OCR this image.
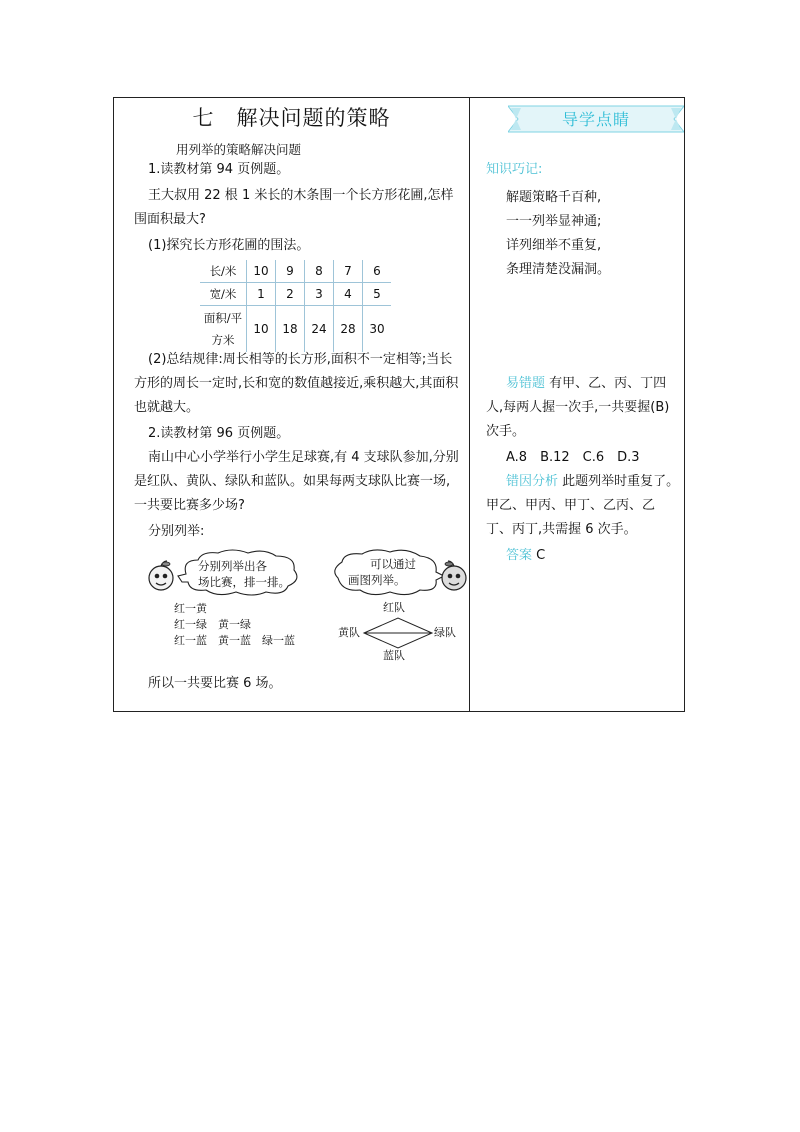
七　解决问题的策略
用列举的策略解决问题
1.读教材第 94 页例题。
王大叔用 22 根 1 米长的木条围一个长方形花圃,怎样围面积最大?
(1)探究长方形花圃的围法。
长/米	10	9	8	7	6
宽/米	1	2	3	4	5

面积/平
方米	10	18	24	28	30
(2)总结规律:周长相等的长方形,面积不一定相等;当长方形的周长一定时,长和宽的数值越接近,乘积越大,其面积也就越大。
2.读教材第 96 页例题。
南山中心小学举行小学生足球赛,有 4 支球队参加,分别是红队、黄队、绿队和蓝队。如果每两支球队比赛一场,一共要比赛多少场?
分别列举:
分别列举出各
场比赛，排一排。
可以通过
画图列举。
红一黄
红一绿　黄一绿
红一蓝　黄一蓝　绿一蓝
红队
黄队	绿队
蓝队
所以一共要比赛 6 场。
导学点睛
知识巧记:
解题策略千百种,
一一列举显神通;
详列细举不重复,
条理清楚没漏洞。
易错题 有甲、乙、丙、丁四人,每两人握一次手,一共要握(B)次手。
A.8　B.12　C.6　D.3
错因分析 此题列举时重复了。甲乙、甲丙、甲丁、乙丙、乙丁、丙丁,共需握 6 次手。
答案 C
